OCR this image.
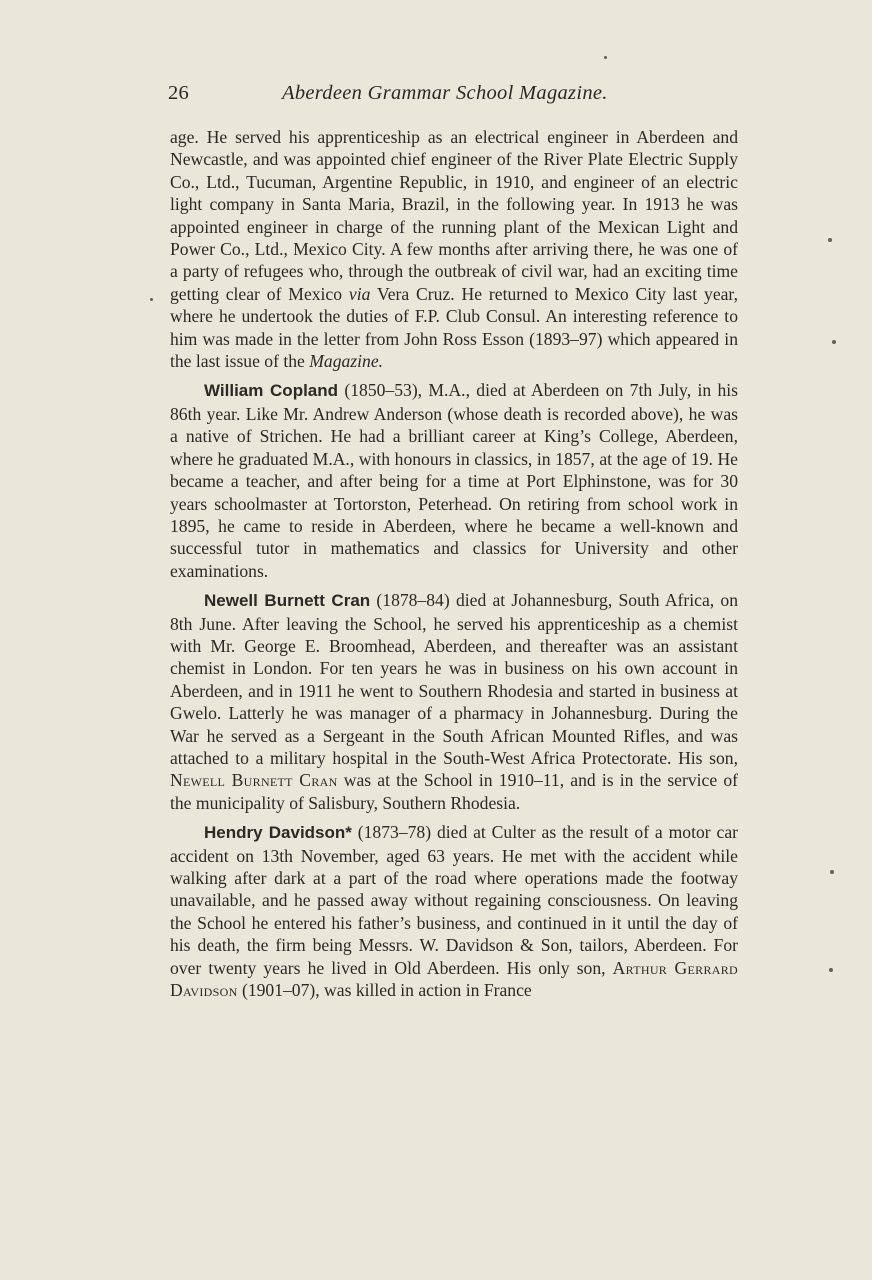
26	Aberdeen Grammar School Magazine.

age. He served his apprenticeship as an electrical engineer in Aberdeen and Newcastle, and was appointed chief engineer of the River Plate Electric Supply Co., Ltd., Tucuman, Argentine Republic, in 1910, and engineer of an electric light company in Santa Maria, Brazil, in the following year. In 1913 he was appointed engineer in charge of the running plant of the Mexican Light and Power Co., Ltd., Mexico City. A few months after arriving there, he was one of a party of refugees who, through the outbreak of civil war, had an exciting time getting clear of Mexico via Vera Cruz. He returned to Mexico City last year, where he undertook the duties of F.P. Club Consul. An interesting reference to him was made in the letter from John Ross Esson (1893–97) which appeared in the last issue of the Magazine.

William Copland (1850–53), M.A., died at Aberdeen on 7th July, in his 86th year. Like Mr. Andrew Anderson (whose death is recorded above), he was a native of Strichen. He had a brilliant career at King’s College, Aberdeen, where he graduated M.A., with honours in classics, in 1857, at the age of 19. He became a teacher, and after being for a time at Port Elphinstone, was for 30 years schoolmaster at Tortorston, Peterhead. On retiring from school work in 1895, he came to reside in Aberdeen, where he became a well-known and successful tutor in mathematics and classics for University and other examinations.

Newell Burnett Cran (1878–84) died at Johannesburg, South Africa, on 8th June. After leaving the School, he served his apprenticeship as a chemist with Mr. George E. Broomhead, Aberdeen, and thereafter was an assistant chemist in London. For ten years he was in business on his own account in Aberdeen, and in 1911 he went to Southern Rhodesia and started in business at Gwelo. Latterly he was manager of a pharmacy in Johannesburg. During the War he served as a Sergeant in the South African Mounted Rifles, and was attached to a military hospital in the South-West Africa Protectorate. His son, Newell Burnett Cran was at the School in 1910–11, and is in the service of the municipality of Salisbury, Southern Rhodesia.

Hendry Davidson* (1873–78) died at Culter as the result of a motor car accident on 13th November, aged 63 years. He met with the accident while walking after dark at a part of the road where operations made the footway unavailable, and he passed away without regaining consciousness. On leaving the School he entered his father’s business, and continued in it until the day of his death, the firm being Messrs. W. Davidson & Son, tailors, Aberdeen. For over twenty years he lived in Old Aberdeen. His only son, Arthur Gerrard Davidson (1901–07), was killed in action in France
